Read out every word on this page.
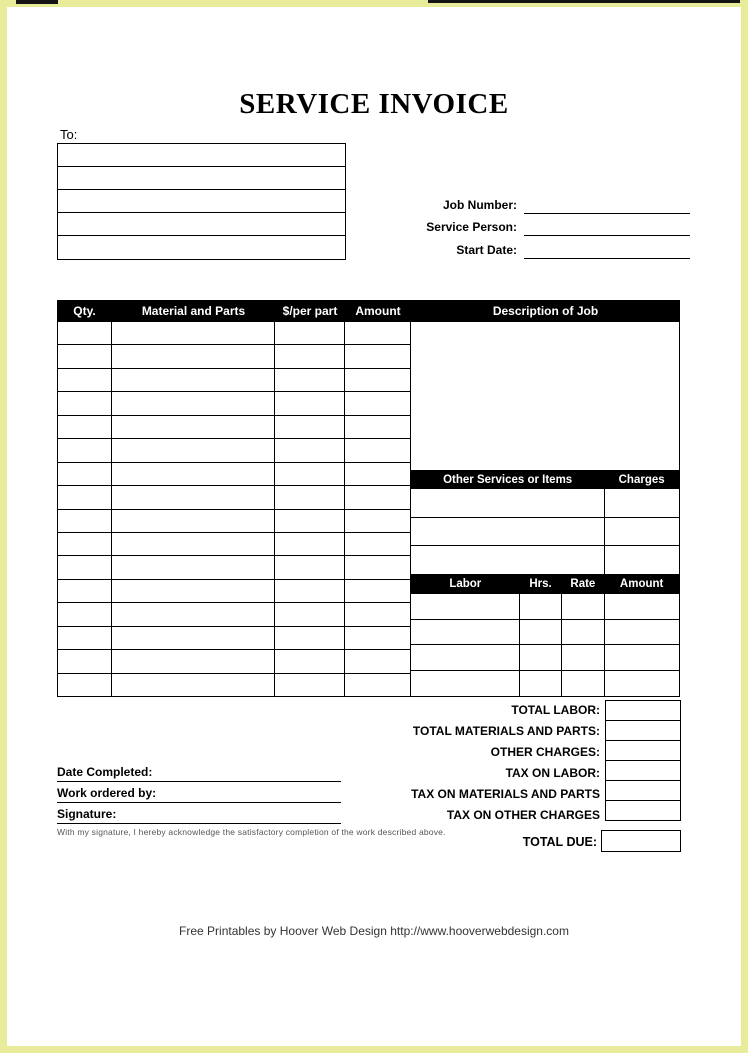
SERVICE INVOICE
To:
Job Number:
Service Person:
Start Date:
Qty.	Material and Parts	$/per part	Amount	Description of Job
Other Services or Items	Charges
Labor	Hrs.	Rate	Amount
TOTAL LABOR:
TOTAL MATERIALS AND PARTS:
OTHER CHARGES:
TAX ON LABOR:
TAX ON MATERIALS AND PARTS
TAX ON OTHER CHARGES
TOTAL DUE:
Date Completed:
Work ordered by:
Signature:
With my signature, I hereby acknowledge the satisfactory completion of the work described above.
Free Printables by Hoover Web Design http://www.hooverwebdesign.com
